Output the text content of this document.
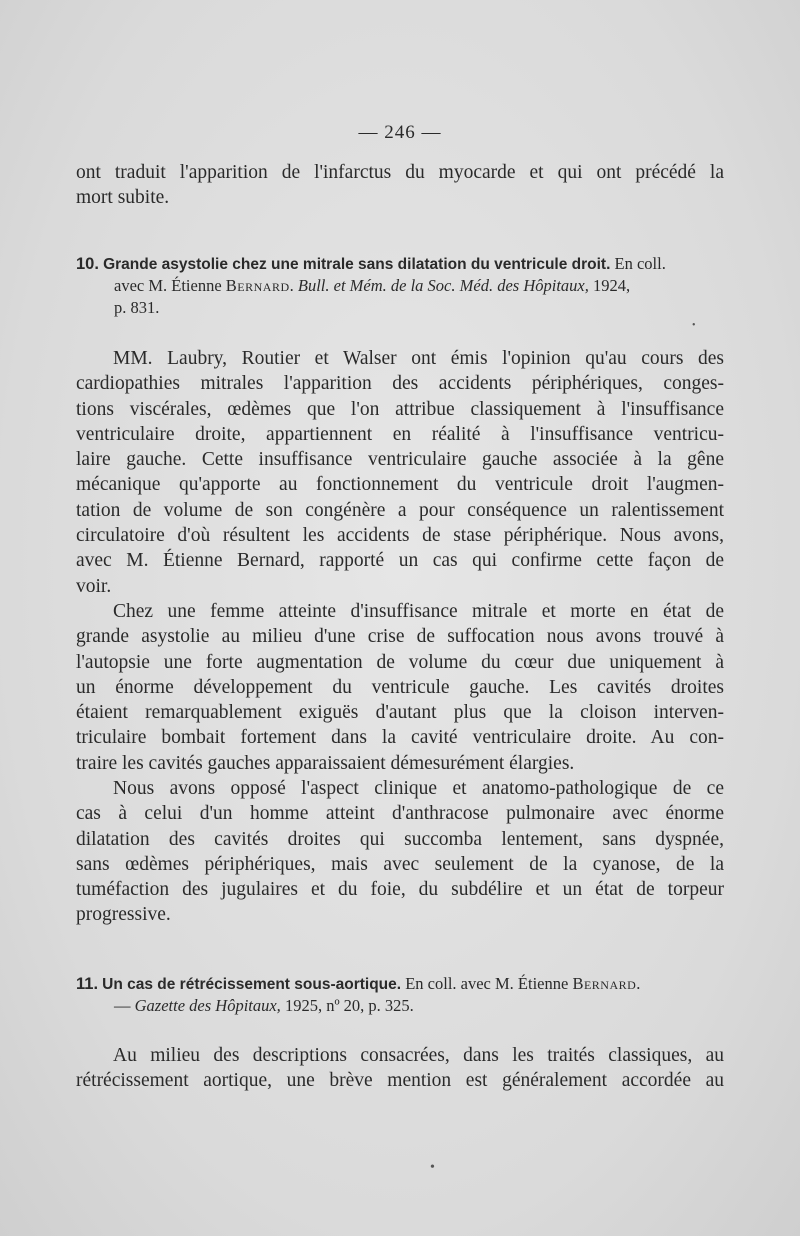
— 246 —
ont traduit l'apparition de l'infarctus du myocarde et qui ont précédé la
mort subite.
10. Grande asystolie chez une mitrale sans dilatation du ventricule droit. En coll.
avec M. Étienne Bernard. Bull. et Mém. de la Soc. Méd. des Hôpitaux, 1924,
p. 831.
MM. Laubry, Routier et Walser ont émis l'opinion qu'au cours des
cardiopathies mitrales l'apparition des accidents périphériques, conges-
tions viscérales, œdèmes que l'on attribue classiquement à l'insuffisance
ventriculaire droite, appartiennent en réalité à l'insuffisance ventricu-
laire gauche. Cette insuffisance ventriculaire gauche associée à la gêne
mécanique qu'apporte au fonctionnement du ventricule droit l'augmen-
tation de volume de son congénère a pour conséquence un ralentissement
circulatoire d'où résultent les accidents de stase périphérique. Nous avons,
avec M. Étienne Bernard, rapporté un cas qui confirme cette façon de
voir.
Chez une femme atteinte d'insuffisance mitrale et morte en état de
grande asystolie au milieu d'une crise de suffocation nous avons trouvé à
l'autopsie une forte augmentation de volume du cœur due uniquement à
un énorme développement du ventricule gauche. Les cavités droites
étaient remarquablement exiguës d'autant plus que la cloison interven-
triculaire bombait fortement dans la cavité ventriculaire droite. Au con-
traire les cavités gauches apparaissaient démesurément élargies.
Nous avons opposé l'aspect clinique et anatomo-pathologique de ce
cas à celui d'un homme atteint d'anthracose pulmonaire avec énorme
dilatation des cavités droites qui succomba lentement, sans dyspnée,
sans œdèmes périphériques, mais avec seulement de la cyanose, de la
tuméfaction des jugulaires et du foie, du subdélire et un état de torpeur
progressive.
11. Un cas de rétrécissement sous-aortique. En coll. avec M. Étienne Bernard.
— Gazette des Hôpitaux, 1925, nº 20, p. 325.
Au milieu des descriptions consacrées, dans les traités classiques, au
rétrécissement aortique, une brève mention est généralement accordée au
•
•
